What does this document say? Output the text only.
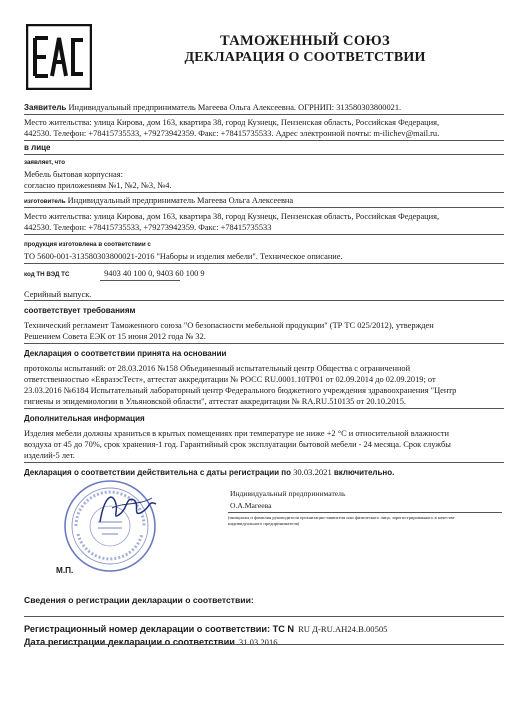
ТАМОЖЕННЫЙ СОЮЗ
ДЕКЛАРАЦИЯ О СООТВЕТСТВИИ
Заявитель Индивидуальный предприниматель Магеева Ольга Алексеевна. ОГРНИП: 313580303800021.
Место жительства: улица Кирова, дом 163, квартира 38, город Кузнецк, Пензенская область, Российская Федерация,
442530. Телефон: +78415735533, +79273942359. Факс: +78415735533. Адрес электронной почты: m-ilichev@mail.ru.
в лице
заявляет, что
Мебель бытовая корпусная:
согласно приложениям №1, №2, №3, №4.
изготовитель Индивидуальный предприниматель Магеева Ольга Алексеевна
Место жительства: улица Кирова, дом 163, квартира 38, город Кузнецк, Пензенская область, Российская Федерация,
442530. Телефон: +78415735533, +79273942359. Факс: +78415735533
продукция изготовлена в соответствии с
ТО 5600-001-313580303800021-2016 "Наборы и изделия мебели". Техническое описание.
код ТН ВЭД ТС	9403 40 100 0, 9403 60 100 9
Серийный выпуск.
соответствует требованиям
Технический регламент Таможенного союза "О безопасности мебельной продукции" (ТР ТС 025/2012), утвержден
Решением Совета ЕЭК от 15 июня 2012 года № 32.
Декларация о соответствии принята на основании
протоколы испытаний: от 28.03.2016 №158 Объединенный испытательный центр Общества с ограниченной
ответственностью «ЕвразэсТест», аттестат аккредитации № РОСС RU.0001.10ТР01 от 02.09.2014 до 02.09.2019; от
23.03.2016 №6184 Испытательный лабораторный центр Федерального бюджетного учреждения здравоохранения "Центр
гигиены и эпидемиологии в Ульяновской области", аттестат аккредитации № RA.RU.510135 от 20.10.2015.
Дополнительная информация
Изделия мебели должны храниться в крытых помещениях при температуре не ниже +2 °С и относительной влажности
воздуха от 45 до 70%, срок хранения-1 год. Гарантийный срок эксплуатации бытовой мебели - 24 месяца. Срок службы
изделий-5 лет.
Декларация о соответствии действительна с даты регистрации по 30.03.2021 включительно.
М.П.
Индивидуальный предприниматель
О.А.Магеева
(инициалы и фамилия руководителя организации-заявителя или физического лица, зарегистрированного в качестве
индивидуального предпринимателя)
Сведения о регистрации декларации о соответствии:
Регистрационный номер декларации о соответствии: ТС N RU Д-RU.AH24.B.00505
Дата регистрации декларации о соответствии 31.03.2016
